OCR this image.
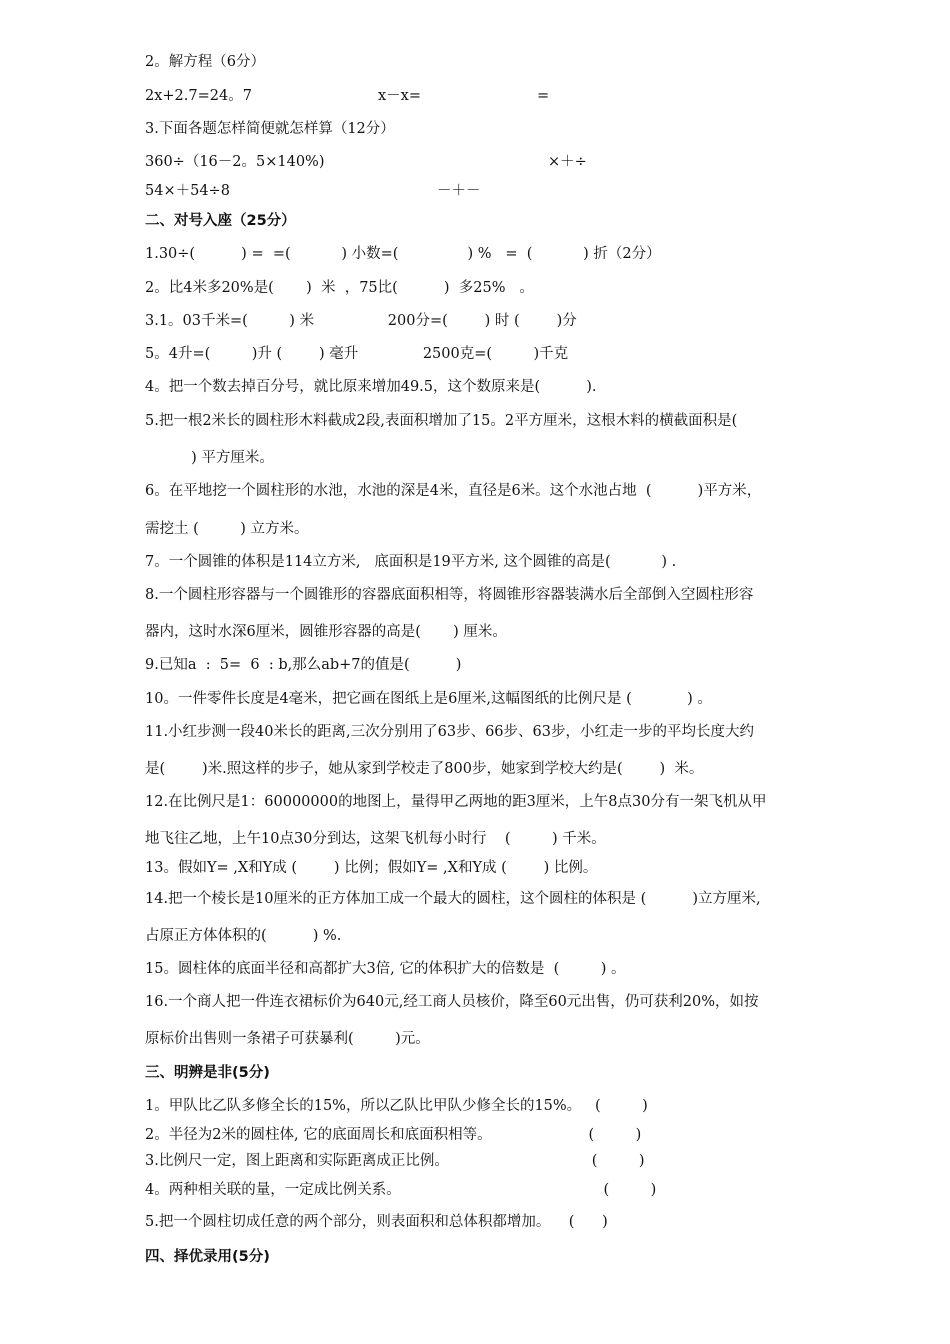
2。解方程（6分）
2x+2.7=24。7	x－x=	=
3.下面各题怎样简便就怎样算（12分）
360÷（16－2。5×140%)	×＋÷
54×＋54÷8	－＋－
二、对号入座（25分）
1.30÷(          ) =  =(           ) 小数=(               ) %   =  (           ) 折（2分）
2。比4米多20%是(       )  米  ，75比(          )  多25%   。
3.1。03千米=(         ) 米                200分=(        ) 时 (        )分
5。4升=(         )升 (        ) 毫升              2500克=(         )千克
4。把一个数去掉百分号，就比原来增加49.5，这个数原来是(          ).
5.把一根2米长的圆柱形木料截成2段,表面积增加了15。2平方厘米，这根木料的横截面积是(
) 平方厘米。
6。在平地挖一个圆柱形的水池，水池的深是4米，直径是6米。这个水池占地  (          )平方米，
需挖土 (         ) 立方米。
7。一个圆锥的体积是114立方米,   底面积是19平方米, 这个圆锥的高是(           ) .
8.一个圆柱形容器与一个圆锥形的容器底面积相等，将圆锥形容器装满水后全部倒入空圆柱形容
器内，这时水深6厘米，圆锥形容器的高是(       ) 厘米。
9.已知a  :  5=  6  : b,那么ab+7的值是(          )
10。一件零件长度是4毫米，把它画在图纸上是6厘米,这幅图纸的比例尺是 (            ) 。
11.小红步测一段40米长的距离,三次分别用了63步、66步、63步，小红走一步的平均长度大约
是(        )米.照这样的步子，她从家到学校走了800步，她家到学校大约是(        )  米。
12.在比例尺是1：60000000的地图上，量得甲乙两地的距3厘米，上午8点30分有一架飞机从甲
地飞往乙地，上午10点30分到达，这架飞机每小时行    (         ) 千米。
13。假如Y= ,X和Y成 (        ) 比例；假如Y= ,X和Y成 (        ) 比例。
14.把一个棱长是10厘米的正方体加工成一个最大的圆柱，这个圆柱的体积是 (          )立方厘米,
占原正方体体积的(          ) %.
15。圆柱体的底面半径和高都扩大3倍, 它的体积扩大的倍数是  (         ) 。
16.一个商人把一件连衣裙标价为640元,经工商人员核价，降至60元出售，仍可获利20%，如按
原标价出售则一条裙子可获暴利(         )元。
三、明辨是非(5分)
1。甲队比乙队多修全长的15%，所以乙队比甲队少修全长的15%。   (         )
2。半径为2米的圆柱体, 它的底面周长和底面积相等。                     (         )
3.比例尺一定，图上距离和实际距离成正比例。                               (         )
4。两种相关联的量，一定成比例关系。                                            (         )
5.把一个圆柱切成任意的两个部分，则表面积和总体积都增加。    (      )
四、择优录用(5分)
